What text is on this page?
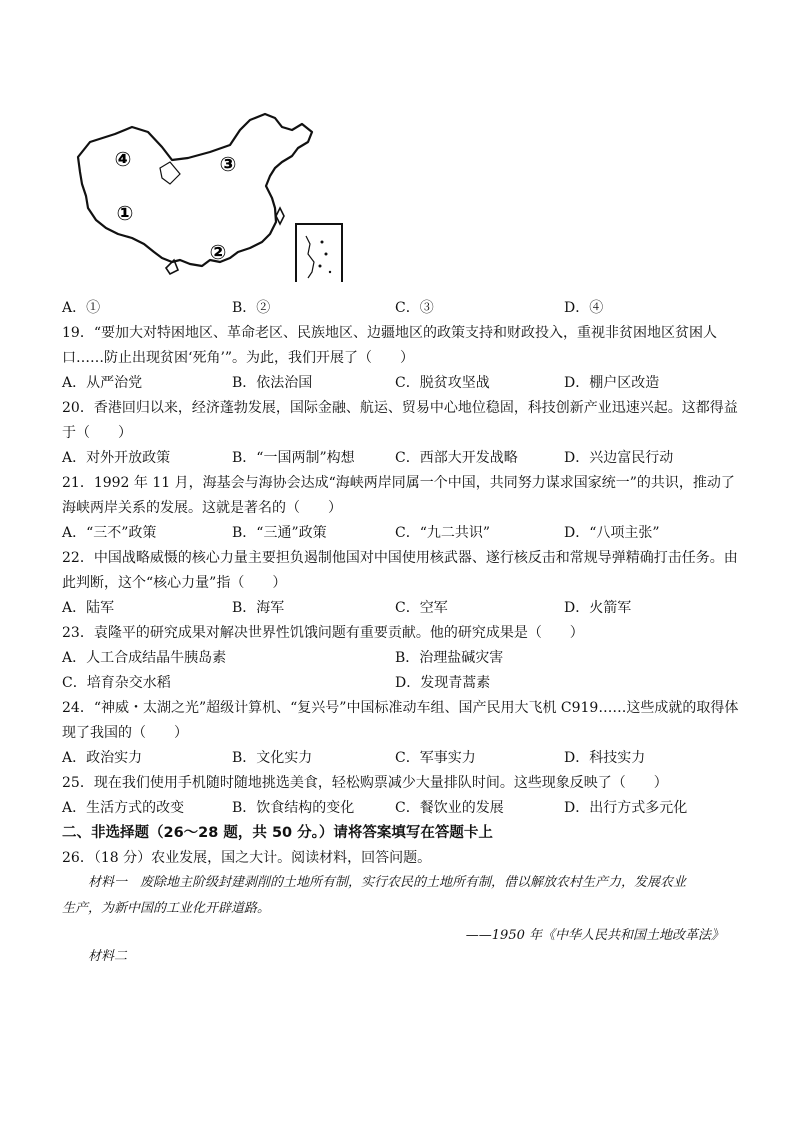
④	③
①
②
A．①	B．②	C．③	D．④
19．“要加大对特困地区、革命老区、民族地区、边疆地区的政策支持和财政投入，重视非贫困地区贫困人
口……防止出现贫困‘死角’”。为此，我们开展了（　　）
A．从严治党	B．依法治国	C．脱贫攻坚战	D．棚户区改造
20．香港回归以来，经济蓬勃发展，国际金融、航运、贸易中心地位稳固，科技创新产业迅速兴起。这都得益
于（　　）
A．对外开放政策	B．“一国两制”构想	C．西部大开发战略	D．兴边富民行动
21．1992 年 11 月，海基会与海协会达成“海峡两岸同属一个中国，共同努力谋求国家统一”的共识，推动了
海峡两岸关系的发展。这就是著名的（　　）
A．“三不”政策	B．“三通”政策	C．“九二共识”	D．“八项主张”
22．中国战略威慑的核心力量主要担负遏制他国对中国使用核武器、遂行核反击和常规导弹精确打击任务。由
此判断，这个“核心力量”指（　　）
A．陆军	B．海军	C．空军	D．火箭军
23．袁隆平的研究成果对解决世界性饥饿问题有重要贡献。他的研究成果是（　　）
A．人工合成结晶牛胰岛素	B．治理盐碱灾害
C．培育杂交水稻	D．发现青蒿素
24．“神威・太湖之光”超级计算机、“复兴号”中国标准动车组、国产民用大飞机 C919……这些成就的取得体
现了我国的（　　）
A．政治实力	B．文化实力	C．军事实力	D．科技实力
25．现在我们使用手机随时随地挑选美食，轻松购票减少大量排队时间。这些现象反映了（　　）
A．生活方式的改变	B．饮食结构的变化	C．餐饮业的发展	D．出行方式多元化
二、非选择题（26～28 题，共 50 分。）请将答案填写在答题卡上
26．（18 分）农业发展，国之大计。阅读材料，回答问题。
材料一　废除地主阶级封建剥削的土地所有制，实行农民的土地所有制，借以解放农村生产力，发展农业
生产，为新中国的工业化开辟道路。
——1950 年《中华人民共和国土地改革法》
材料二
